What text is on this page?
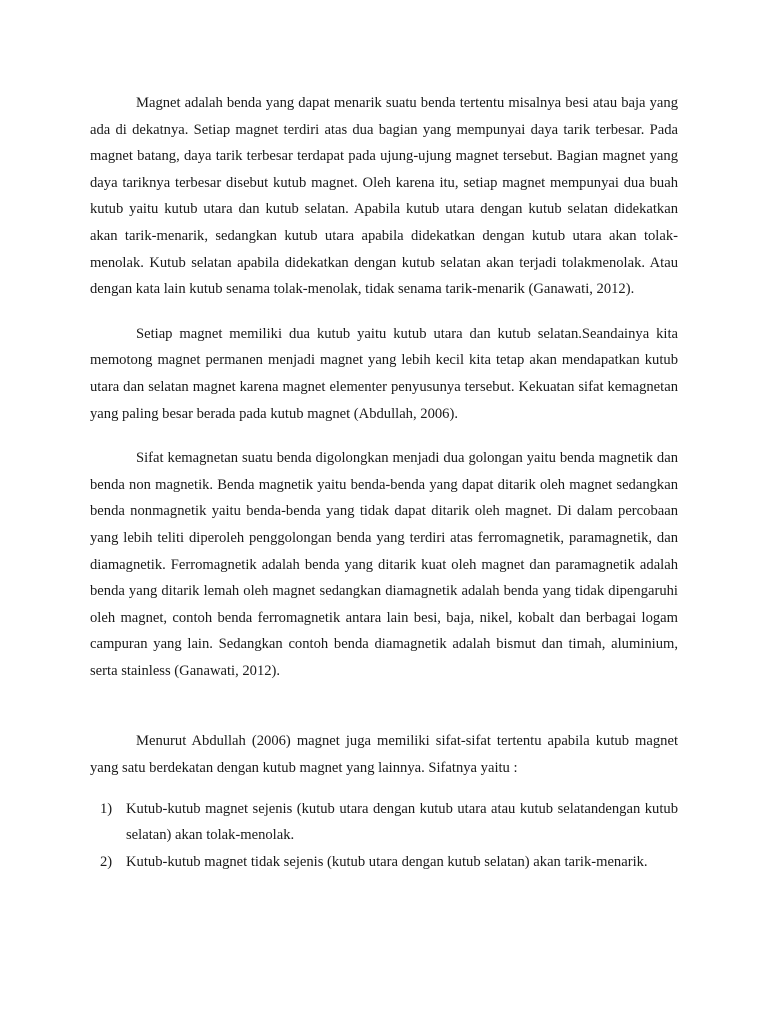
Magnet adalah benda yang dapat menarik suatu benda tertentu misalnya besi atau baja yang ada di dekatnya. Setiap magnet terdiri atas dua bagian yang mempunyai daya tarik terbesar. Pada magnet batang, daya tarik terbesar terdapat pada ujung-ujung magnet tersebut. Bagian magnet yang daya tariknya terbesar disebut kutub magnet. Oleh karena itu, setiap magnet mempunyai dua buah kutub yaitu kutub utara dan kutub selatan. Apabila kutub utara dengan kutub selatan didekatkan akan tarik-menarik, sedangkan kutub utara apabila didekatkan dengan kutub utara akan tolak-menolak. Kutub selatan apabila didekatkan dengan kutub selatan akan terjadi tolakmenolak. Atau dengan kata lain kutub senama tolak-menolak, tidak senama tarik-menarik (Ganawati, 2012).

Setiap magnet memiliki dua kutub yaitu kutub utara dan kutub selatan.Seandainya kita memotong magnet permanen menjadi magnet yang lebih kecil kita tetap akan mendapatkan kutub utara dan selatan magnet karena magnet elementer penyusunya tersebut. Kekuatan sifat kemagnetan yang paling besar berada pada kutub magnet (Abdullah, 2006).

Sifat kemagnetan suatu benda digolongkan menjadi dua golongan yaitu benda magnetik dan benda non magnetik. Benda magnetik yaitu benda-benda yang dapat ditarik oleh magnet sedangkan benda nonmagnetik yaitu benda-benda yang tidak dapat ditarik oleh magnet. Di dalam percobaan yang lebih teliti diperoleh penggolongan benda yang terdiri atas ferromagnetik, paramagnetik, dan diamagnetik. Ferromagnetik adalah benda yang ditarik kuat oleh magnet dan paramagnetik adalah benda yang ditarik lemah oleh magnet sedangkan diamagnetik adalah benda yang tidak dipengaruhi oleh magnet, contoh benda ferromagnetik antara lain besi, baja, nikel, kobalt dan berbagai logam campuran yang lain. Sedangkan contoh benda diamagnetik adalah bismut dan timah, aluminium, serta stainless (Ganawati, 2012).

Menurut Abdullah (2006) magnet juga memiliki sifat-sifat tertentu apabila kutub magnet yang satu berdekatan dengan kutub magnet yang lainnya. Sifatnya yaitu :

1) Kutub-kutub magnet sejenis (kutub utara dengan kutub utara atau kutub selatandengan kutub selatan) akan tolak-menolak.
2) Kutub-kutub magnet tidak sejenis (kutub utara dengan kutub selatan) akan tarik-menarik.
